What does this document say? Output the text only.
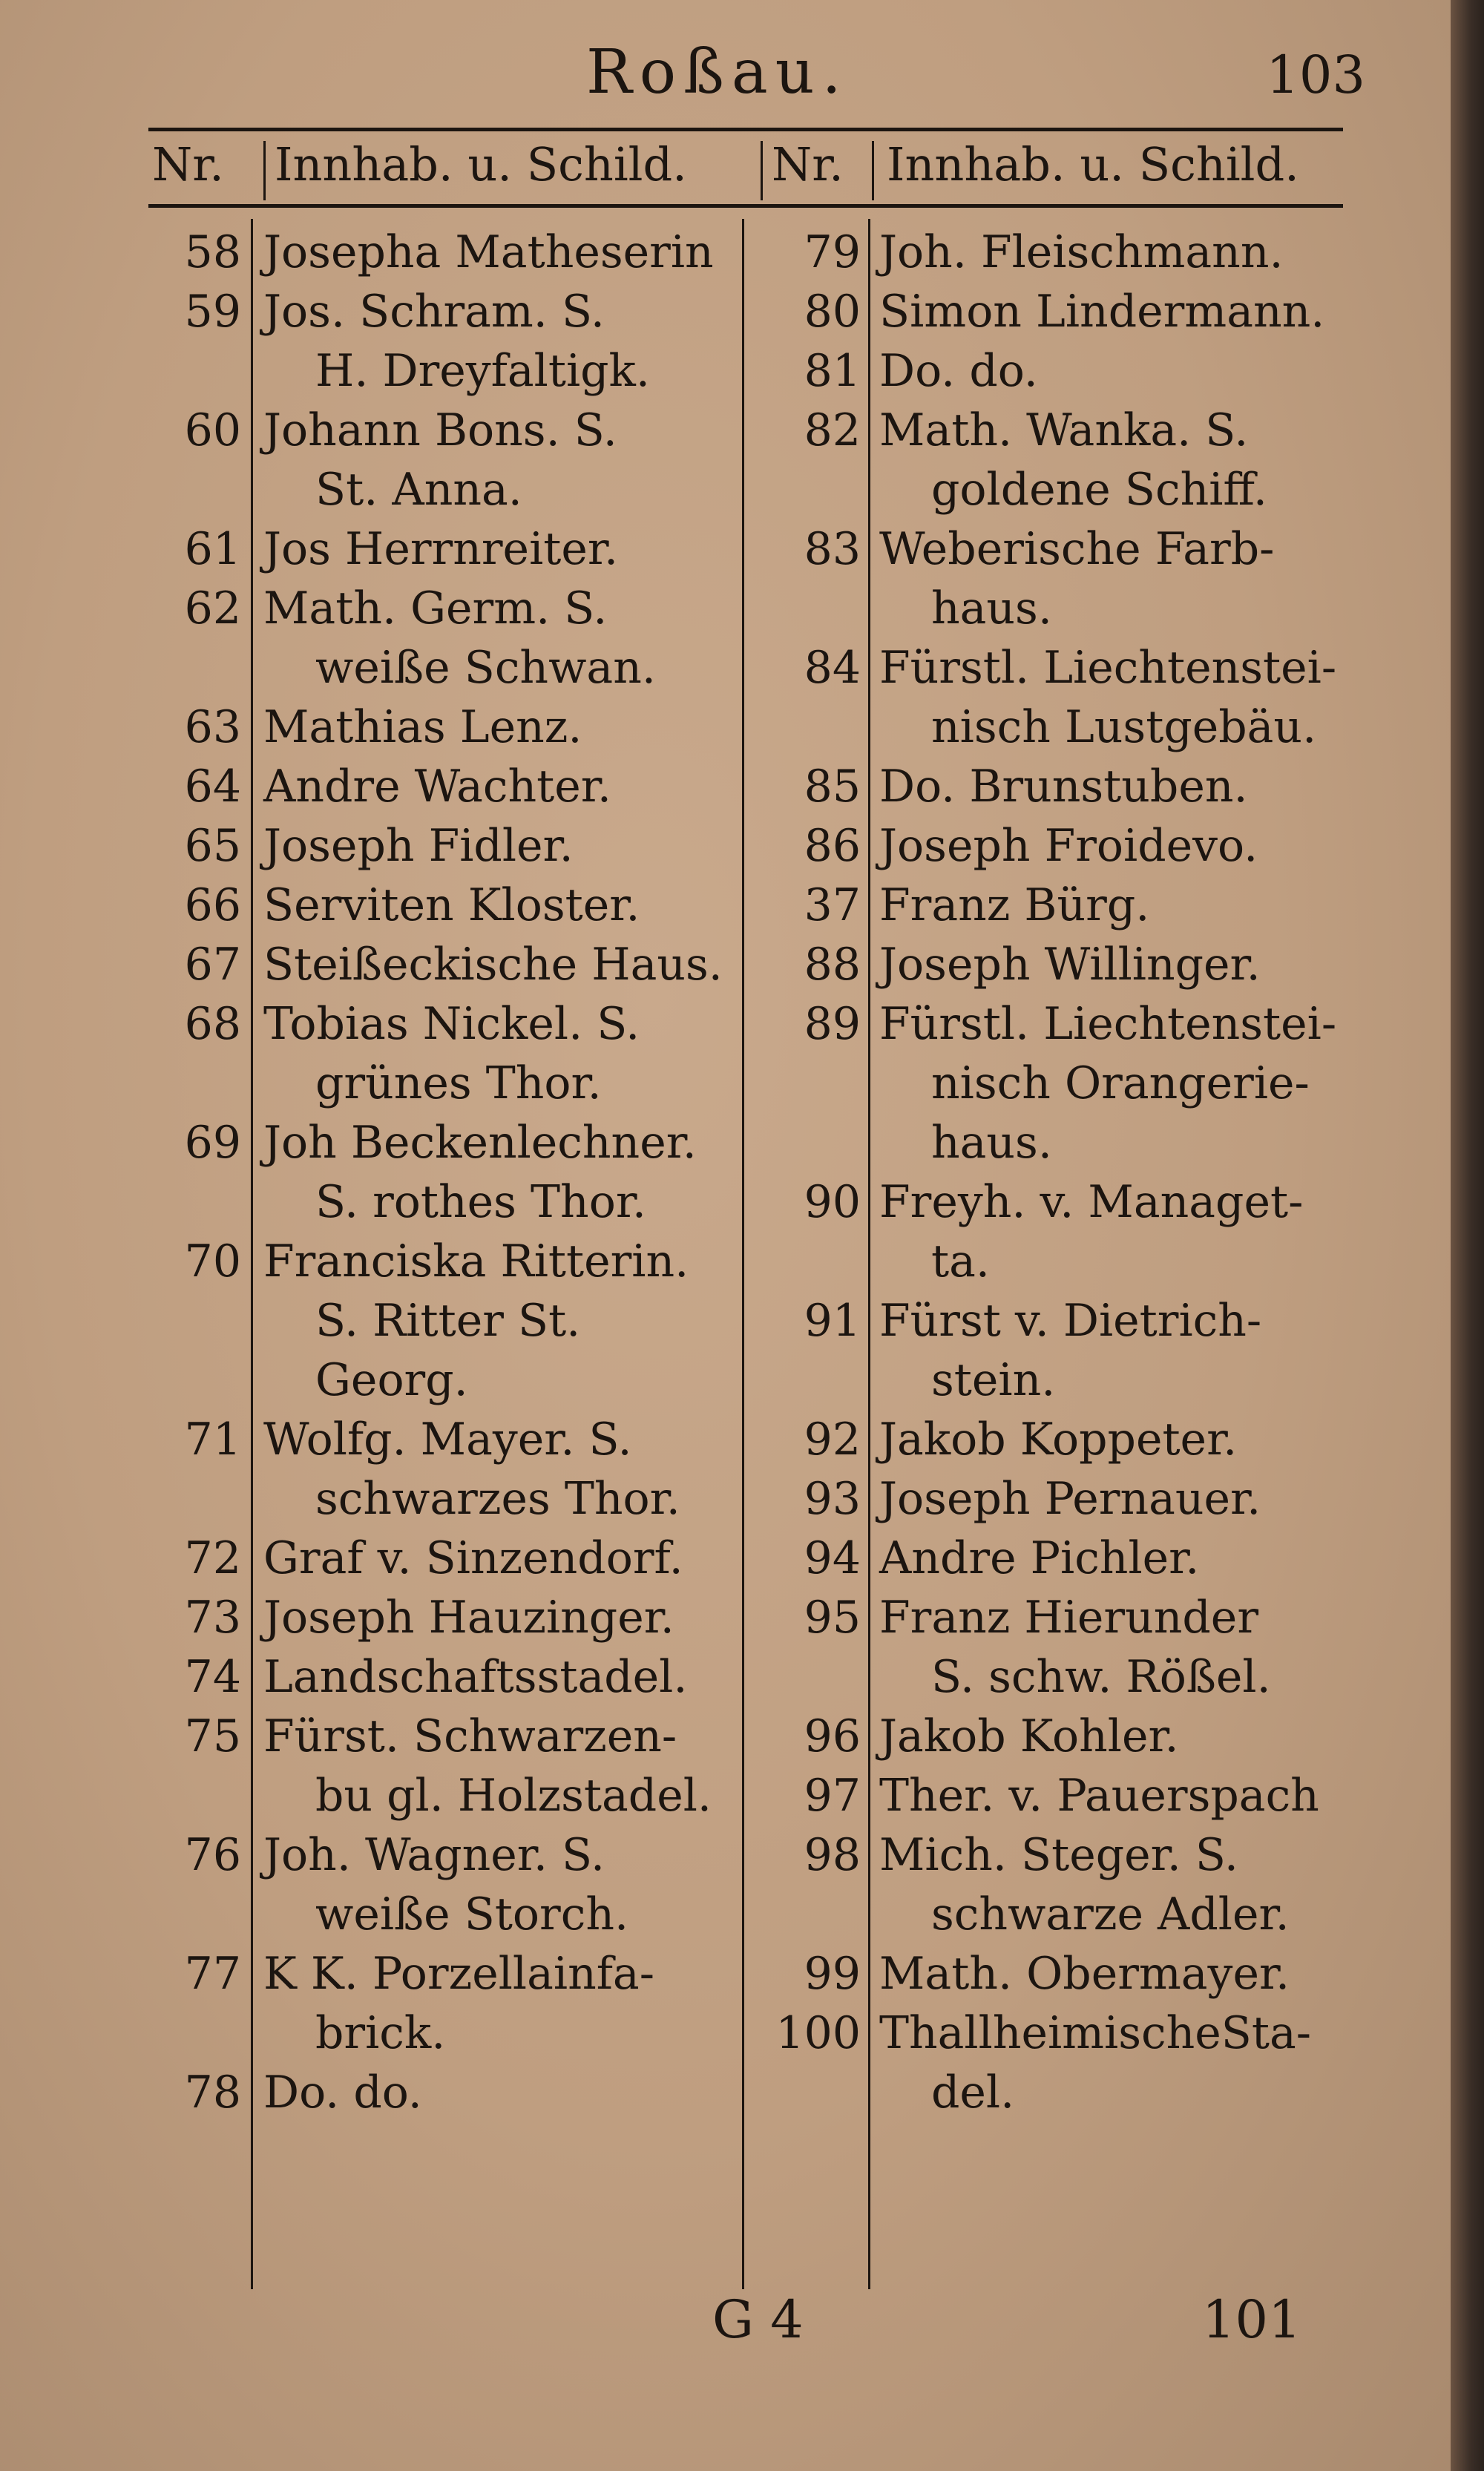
Roßau.	103
Nr. Innhab. u. Schild. Nr. Innhab. u. Schild.
58 Josepha Matheserin
59 Jos. Schram. S.
H. Dreyfaltigk.
60 Johann Bons. S.
St. Anna.
61 Jos Herrnreiter.
62 Math. Germ. S.
weiße Schwan.
63 Mathias Lenz.
64 Andre Wachter.
65 Joseph Fidler.
66 Serviten Kloster.
67 Steißeckische Haus.
68 Tobias Nickel. S.
grünes Thor.
69 Joh Beckenlechner.
S. rothes Thor.
70 Franciska Ritterin.
S. Ritter St.
Georg.
71 Wolfg. Mayer. S.
schwarzes Thor.
72 Graf v. Sinzendorf.
73 Joseph Hauzinger.
74 Landschaftsstadel.
75 Fürst. Schwarzen-
bu gl. Holzstadel.
76 Joh. Wagner. S.
weiße Storch.
77 K K. Porzellainfa-
brick.
78 Do. do.
79 Joh. Fleischmann.
80 Simon Lindermann.
81 Do. do.
82 Math. Wanka. S.
goldene Schiff.
83 Weberische Farb-
haus.
84 Fürstl. Liechtenstei-
nisch Lustgebäu.
85 Do. Brunstuben.
86 Joseph Froidevo.
37 Franz Bürg.
88 Joseph Willinger.
89 Fürstl. Liechtenstei-
nisch Orangerie-
haus.
90 Freyh. v. Managet-
ta.
91 Fürst v. Dietrich-
stein.
92 Jakob Koppeter.
93 Joseph Pernauer.
94 Andre Pichler.
95 Franz Hierunder
S. schw. Rößel.
96 Jakob Kohler.
97 Ther. v. Pauerspach
98 Mich. Steger. S.
schwarze Adler.
99 Math. Obermayer.
100 ThallheimischeSta-
del.
G 4	101
